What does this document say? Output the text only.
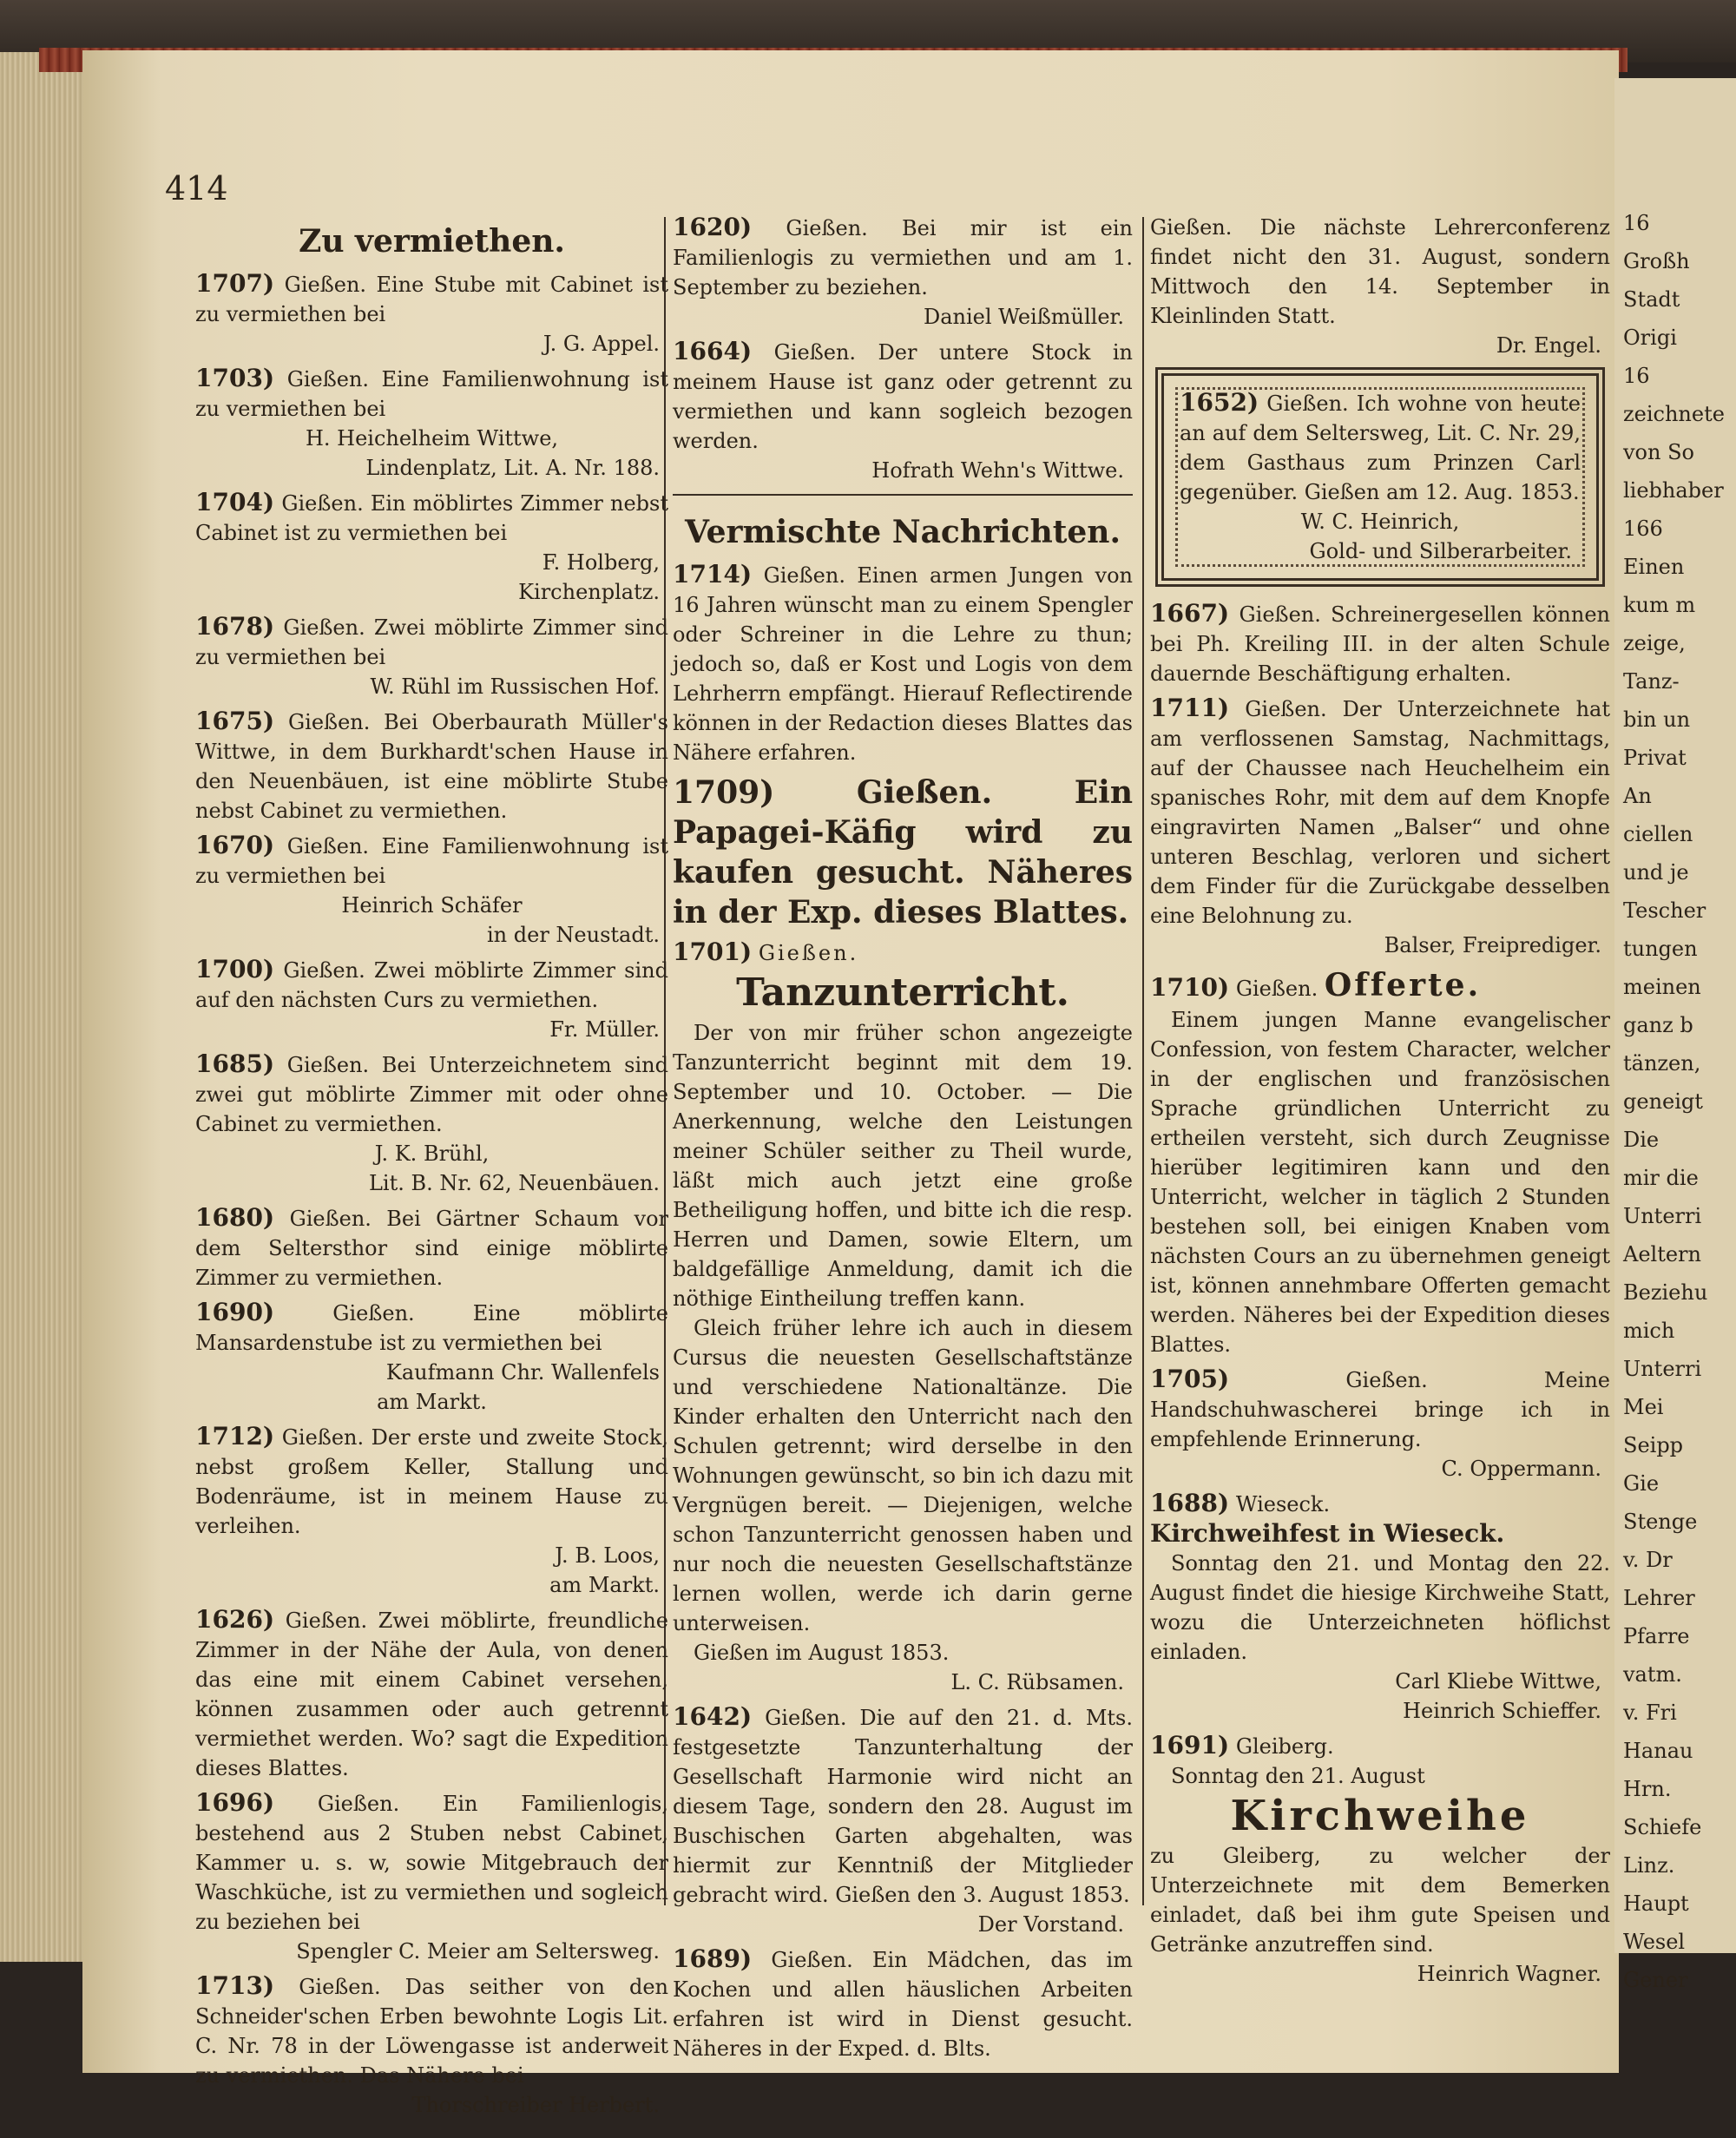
414
Zu vermiethen.
1707) Gießen. Eine Stube mit Cabinet ist zu vermiethen bei
J. G. Appel.
1703) Gießen. Eine Familienwohnung ist zu vermiethen bei
H. Heichelheim Wittwe,
Lindenplatz, Lit. A. Nr. 188.
1704) Gießen. Ein möblirtes Zimmer nebst Cabinet ist zu vermiethen bei
F. Holberg,
Kirchenplatz.
1678) Gießen. Zwei möblirte Zimmer sind zu vermiethen bei
W. Rühl im Russischen Hof.
1675) Gießen. Bei Oberbaurath Müller's Wittwe, in dem Burkhardt'schen Hause in den Neuenbäuen, ist eine möblirte Stube nebst Cabinet zu vermiethen.
1670) Gießen. Eine Familienwohnung ist zu vermiethen bei
Heinrich Schäfer
in der Neustadt.
1700) Gießen. Zwei möblirte Zimmer sind auf den nächsten Curs zu vermiethen.
Fr. Müller.
1685) Gießen. Bei Unterzeichnetem sind zwei gut möblirte Zimmer mit oder ohne Cabinet zu vermiethen.
J. K. Brühl,
Lit. B. Nr. 62, Neuenbäuen.
1680) Gießen. Bei Gärtner Schaum vor dem Seltersthor sind einige möblirte Zimmer zu vermiethen.
1690)	Gießen. Eine möblirte Mansardenstube ist zu vermiethen bei
Kaufmann Chr. Wallenfels
am Markt.
1712) Gießen. Der erste und zweite Stock, nebst großem Keller, Stallung und Bodenräume, ist in meinem Hause zu verleihen.
J. B. Loos,
am Markt.
1626) Gießen. Zwei möblirte, freundliche Zimmer in der Nähe der Aula, von denen das eine mit einem Cabinet versehen, können zusammen oder auch getrennt vermiethet werden. Wo? sagt die Expedition dieses Blattes.
1696) Gießen. Ein Familienlogis, bestehend aus 2 Stuben nebst Cabinet, Kammer u. s. w, sowie Mitgebrauch der Waschküche, ist zu vermiethen und sogleich zu beziehen bei
Spengler C. Meier am Seltersweg.
1713) Gießen. Das seither von den Schneider'schen Erben bewohnte Logis Lit. C. Nr. 78 in der Löwengasse ist anderweit zu vermiethen. Das Nähere bei
Thorschreiber Herbert.
1620) Gießen. Bei mir ist ein Familienlogis zu vermiethen und am 1. September zu beziehen.
Daniel Weißmüller.
1664) Gießen. Der untere Stock in meinem Hause ist ganz oder getrennt zu vermiethen und kann sogleich bezogen werden.
Hofrath Wehn's Wittwe.
Vermischte Nachrichten.
1714) Gießen. Einen armen Jungen von 16 Jahren wünscht man zu einem Spengler oder Schreiner in die Lehre zu thun; jedoch so, daß er Kost und Logis von dem Lehrherrn empfängt. Hierauf Reflectirende können in der Redaction dieses Blattes das Nähere erfahren.
1709)	Gießen. Ein Papagei-Käfig wird zu kaufen gesucht. Näheres in der Exp. dieses Blattes.
1701) Gießen.
Tanzunterricht.
Der von mir früher schon angezeigte Tanzunterricht beginnt mit dem 19. September und 10. October. — Die Anerkennung, welche den Leistungen meiner Schüler seither zu Theil wurde, läßt mich auch jetzt eine große Betheiligung hoffen, und bitte ich die resp. Herren und Damen, sowie Eltern, um baldgefällige Anmeldung, damit ich die nöthige Eintheilung treffen kann.
Gleich früher lehre ich auch in diesem Cursus die neuesten Gesellschaftstänze und verschiedene Nationaltänze. Die Kinder erhalten den Unterricht nach den Schulen getrennt; wird derselbe in den Wohnungen gewünscht, so bin ich dazu mit Vergnügen bereit. — Diejenigen, welche schon Tanzunterricht genossen haben und nur noch die neuesten Gesellschaftstänze lernen wollen, werde ich darin gerne unterweisen.
Gießen im August 1853.
L. C. Rübsamen.
1642) Gießen. Die auf den 21. d. Mts. festgesetzte Tanzunterhaltung der Gesellschaft Harmonie wird nicht an diesem Tage, sondern den 28. August im Buschischen Garten abgehalten, was hiermit zur Kenntniß der Mitglieder gebracht wird. Gießen den 3. August 1853.
Der Vorstand.
1689) Gießen. Ein Mädchen, das im Kochen und allen häuslichen Arbeiten erfahren ist wird in Dienst gesucht. Näheres in der Exped. d. Blts.
Gießen. Die nächste Lehrerconferenz findet nicht den 31. August, sondern Mittwoch den 14. September in Kleinlinden Statt.
Dr. Engel.
1652) Gießen. Ich wohne von heute an auf dem Seltersweg, Lit. C. Nr. 29, dem Gasthaus zum Prinzen Carl gegenüber. Gießen am 12. Aug. 1853.
W. C. Heinrich,
Gold- und Silberarbeiter.
1667) Gießen. Schreinergesellen können bei Ph. Kreiling III. in der alten Schule dauernde Beschäftigung erhalten.
1711) Gießen. Der Unterzeichnete hat am verflossenen Samstag, Nachmittags, auf der Chaussee nach Heuchelheim ein spanisches Rohr, mit dem auf dem Knopfe eingravirten Namen „Balser“ und ohne unteren Beschlag, verloren und sichert dem Finder für die Zurückgabe desselben eine Belohnung zu.
Balser, Freiprediger.
1710) Gießen. Offerte.
Einem jungen Manne evangelischer Confession, von festem Character, welcher in der englischen und französischen Sprache gründlichen Unterricht zu ertheilen versteht, sich durch Zeugnisse hierüber legitimiren kann und den Unterricht, welcher in täglich 2 Stunden bestehen soll, bei einigen Knaben vom nächsten Cours an zu übernehmen geneigt ist, können annehmbare Offerten gemacht werden. Näheres bei der Expedition dieses Blattes.
1705)	Gießen. Meine Handschuhwascherei bringe ich in empfehlende Erinnerung.
C. Oppermann.
1688) Wieseck.
Kirchweihfest in Wieseck.
Sonntag den 21. und Montag den 22. August findet die hiesige Kirchweihe Statt, wozu die Unterzeichneten höflichst einladen.
Carl Kliebe Wittwe,
Heinrich Schieffer.
1691) Gleiberg.
Sonntag den 21. August
Kirchweihe
zu Gleiberg, zu welcher der Unterzeichnete mit dem Bemerken einladet, daß bei ihm gute Speisen und Getränke anzutreffen sind.
Heinrich Wagner.
16
Großh
Stadt
Origi
16
zeichnete
von So
liebhaber
166
Einen
kum m
zeige,
Tanz-
bin un
Privat
An
ciellen
und je
Tescher
tungen
meinen
ganz b
tänzen,
geneigt
Die
mir die
Unterri
Aeltern
Beziehu
mich
Unterri
Mei
Seipp
Gie
Stenge
v. Dr
Lehrer
Pfarre
vatm.
v. Fri
Hanau
Hrn.
Schiefe
Linz.
Haupt
Wesel
Gener
